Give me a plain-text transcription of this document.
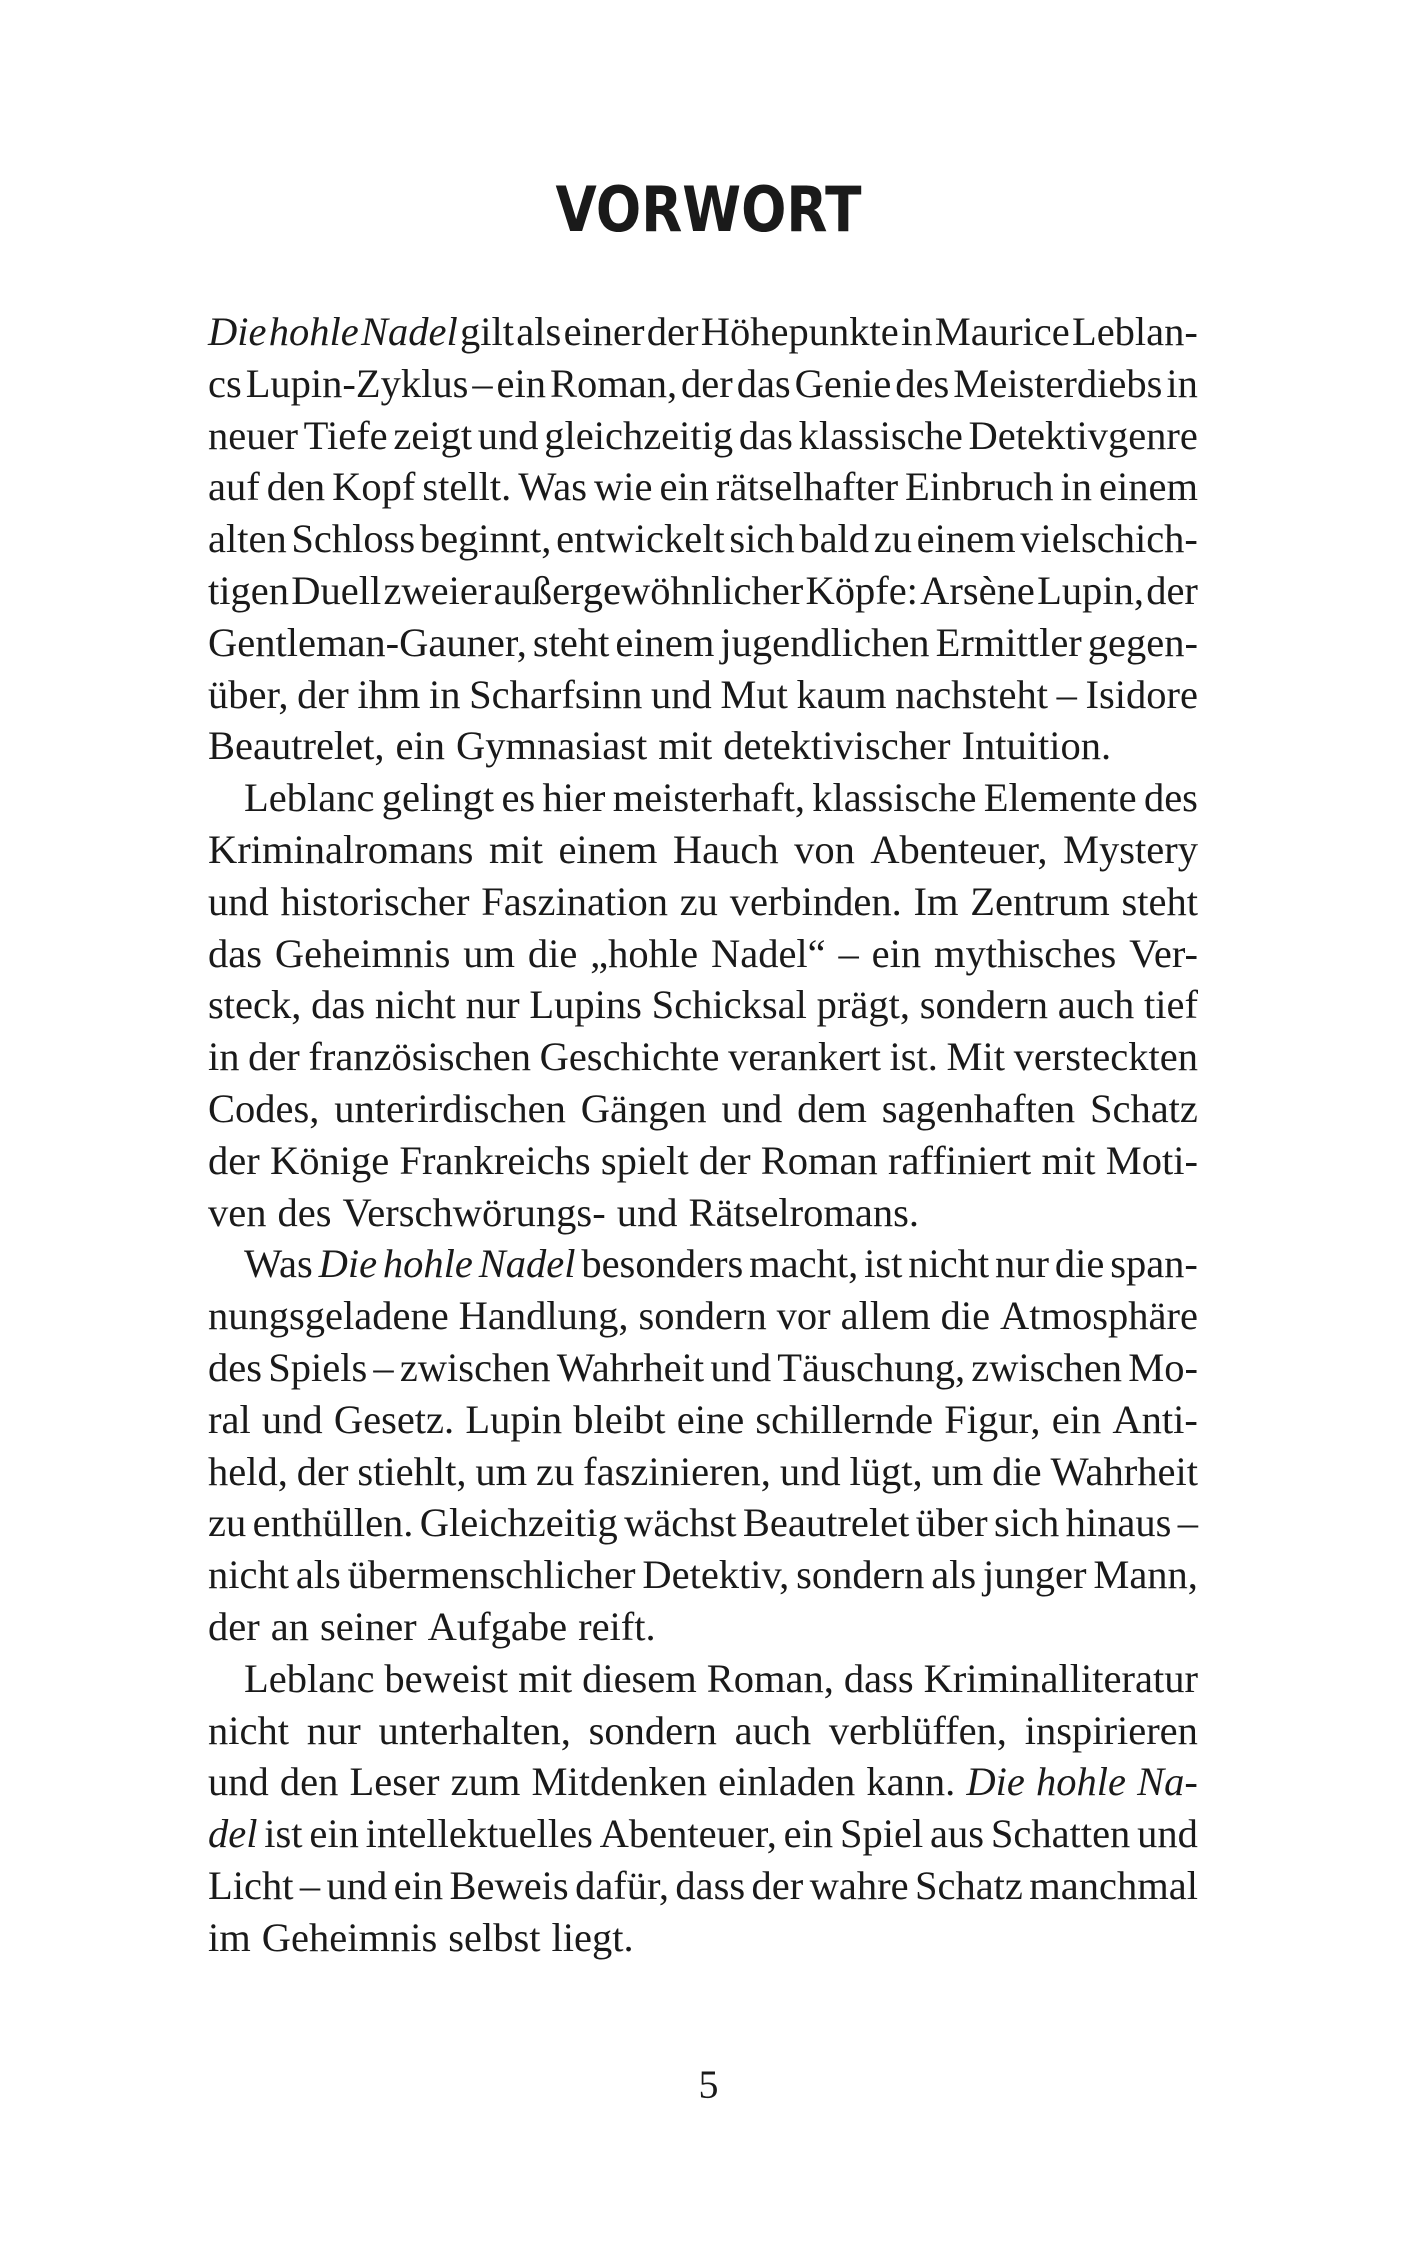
VORWORT
Die hohle Nadel gilt als einer der Höhepunkte in Maurice Leblan-
cs Lupin-Zyklus – ein Roman, der das Genie des Meisterdiebs in
neuer Tiefe zeigt und gleichzeitig das klassische Detektivgenre
auf den Kopf stellt. Was wie ein rätselhafter Einbruch in einem
alten Schloss beginnt, entwickelt sich bald zu einem vielschich-
tigen Duell zweier außergewöhnlicher Köpfe: Arsène Lupin, der
Gentleman-Gauner, steht einem jugendlichen Ermittler gegen-
über, der ihm in Scharfsinn und Mut kaum nachsteht – Isidore
Beautrelet, ein Gymnasiast mit detektivischer Intuition.
Leblanc gelingt es hier meisterhaft, klassische Elemente des
Kriminalromans mit einem Hauch von Abenteuer, Mystery
und historischer Faszination zu verbinden. Im Zentrum steht
das Geheimnis um die „hohle Nadel“ – ein mythisches Ver-
steck, das nicht nur Lupins Schicksal prägt, sondern auch tief
in der französischen Geschichte verankert ist. Mit versteckten
Codes, unterirdischen Gängen und dem sagenhaften Schatz
der Könige Frankreichs spielt der Roman raffiniert mit Moti-
ven des Verschwörungs- und Rätselromans.
Was Die hohle Nadel besonders macht, ist nicht nur die span-
nungsgeladene Handlung, sondern vor allem die Atmosphäre
des Spiels – zwischen Wahrheit und Täuschung, zwischen Mo-
ral und Gesetz. Lupin bleibt eine schillernde Figur, ein Anti-
held, der stiehlt, um zu faszinieren, und lügt, um die Wahrheit
zu enthüllen. Gleichzeitig wächst Beautrelet über sich hinaus –
nicht als übermenschlicher Detektiv, sondern als junger Mann,
der an seiner Aufgabe reift.
Leblanc beweist mit diesem Roman, dass Kriminalliteratur
nicht nur unterhalten, sondern auch verblüffen, inspirieren
und den Leser zum Mitdenken einladen kann. Die hohle Na-
del ist ein intellektuelles Abenteuer, ein Spiel aus Schatten und
Licht – und ein Beweis dafür, dass der wahre Schatz manchmal
im Geheimnis selbst liegt.
5
